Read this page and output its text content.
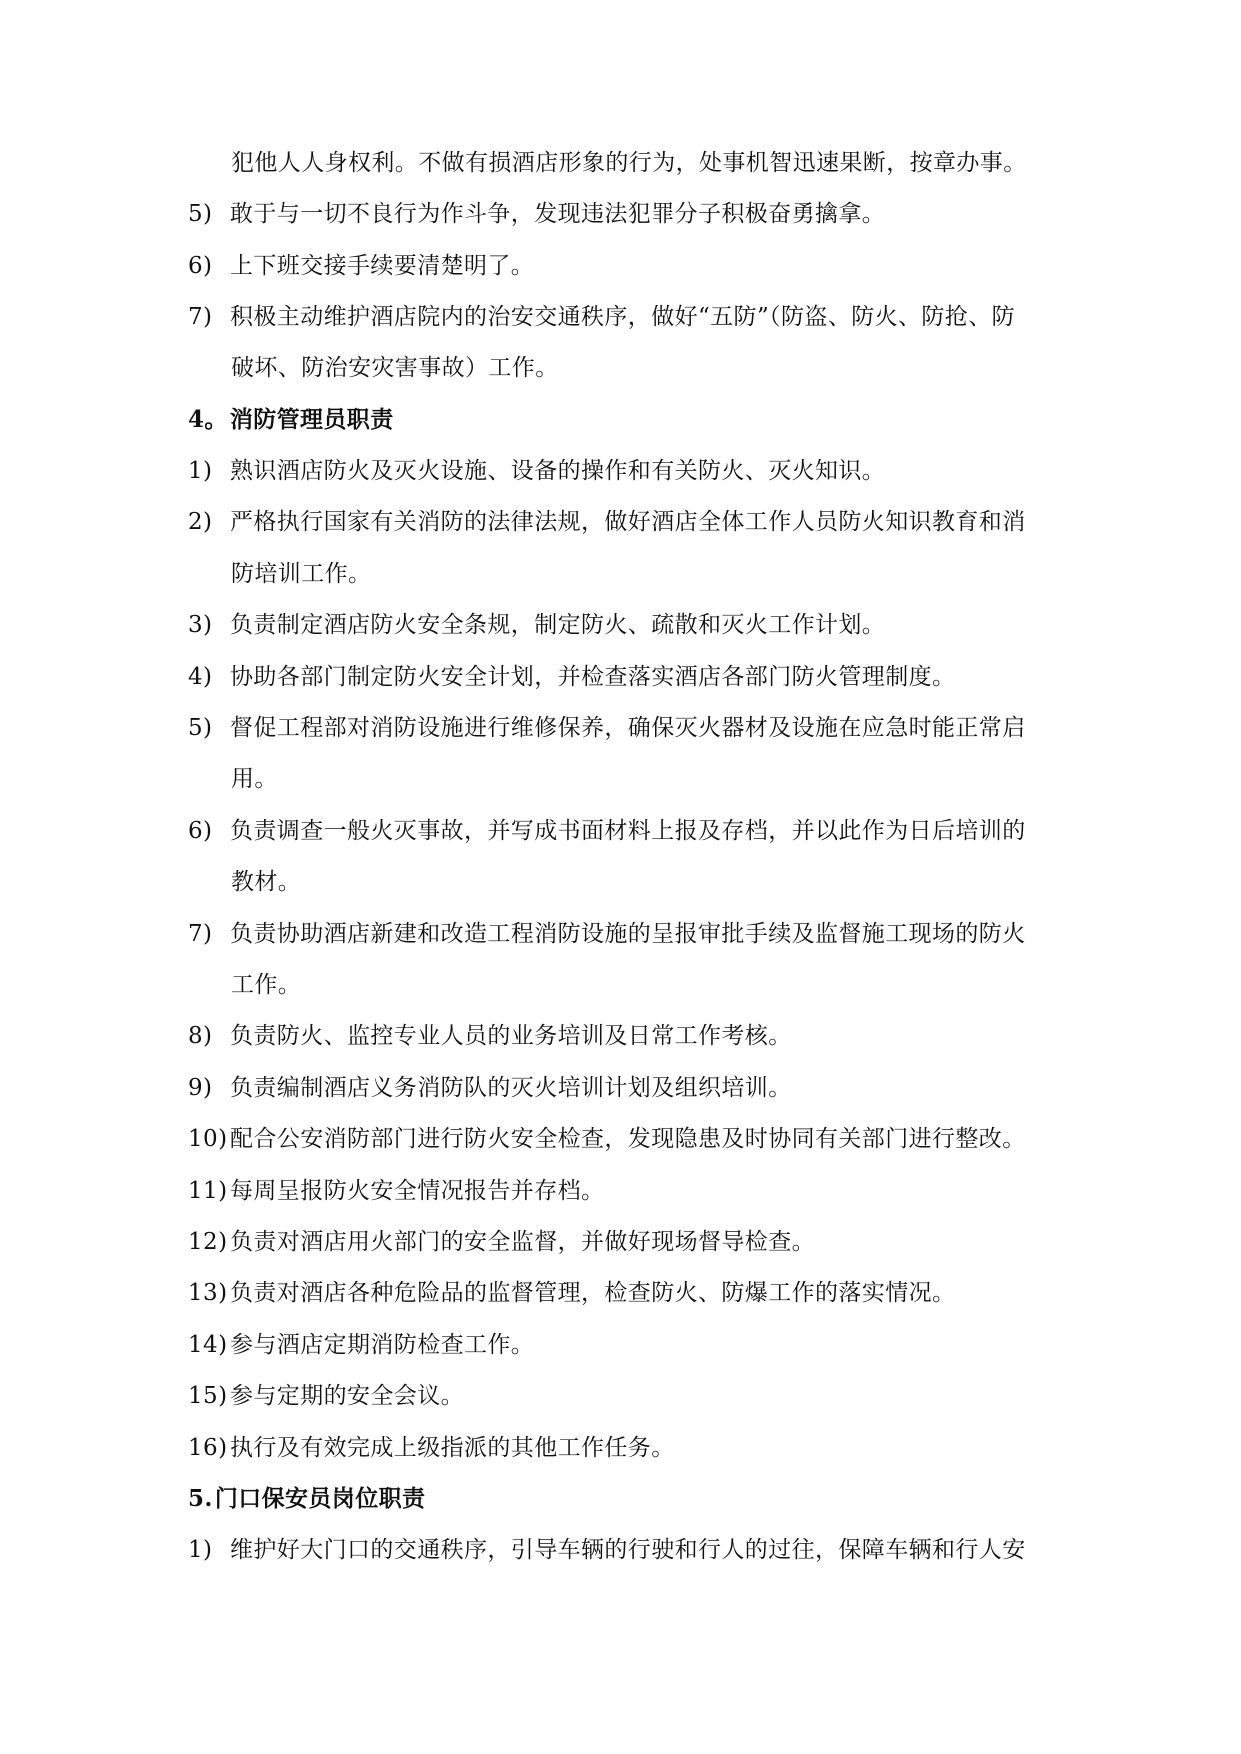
犯他人人身权利。不做有损酒店形象的行为，处事机智迅速果断，按章办事。
5) 敢于与一切不良行为作斗争，发现违法犯罪分子积极奋勇擒拿。
6) 上下班交接手续要清楚明了。
7) 积极主动维护酒店院内的治安交通秩序，做好“五防”（防盗、防火、防抢、防
破坏、防治安灾害事故）工作。
4。消防管理员职责
1) 熟识酒店防火及灭火设施、设备的操作和有关防火、灭火知识。
2) 严格执行国家有关消防的法律法规，做好酒店全体工作人员防火知识教育和消
防培训工作。
3) 负责制定酒店防火安全条规，制定防火、疏散和灭火工作计划。
4) 协助各部门制定防火安全计划，并检查落实酒店各部门防火管理制度。
5) 督促工程部对消防设施进行维修保养，确保灭火器材及设施在应急时能正常启
用。
6) 负责调查一般火灭事故，并写成书面材料上报及存档，并以此作为日后培训的
教材。
7) 负责协助酒店新建和改造工程消防设施的呈报审批手续及监督施工现场的防火
工作。
8) 负责防火、监控专业人员的业务培训及日常工作考核。
9) 负责编制酒店义务消防队的灭火培训计划及组织培训。
10) 配合公安消防部门进行防火安全检查，发现隐患及时协同有关部门进行整改。
11) 每周呈报防火安全情况报告并存档。
12) 负责对酒店用火部门的安全监督，并做好现场督导检查。
13) 负责对酒店各种危险品的监督管理，检查防火、防爆工作的落实情况。
14) 参与酒店定期消防检查工作。
15) 参与定期的安全会议。
16) 执行及有效完成上级指派的其他工作任务。
5.门口保安员岗位职责
1) 维护好大门口的交通秩序，引导车辆的行驶和行人的过往，保障车辆和行人安
